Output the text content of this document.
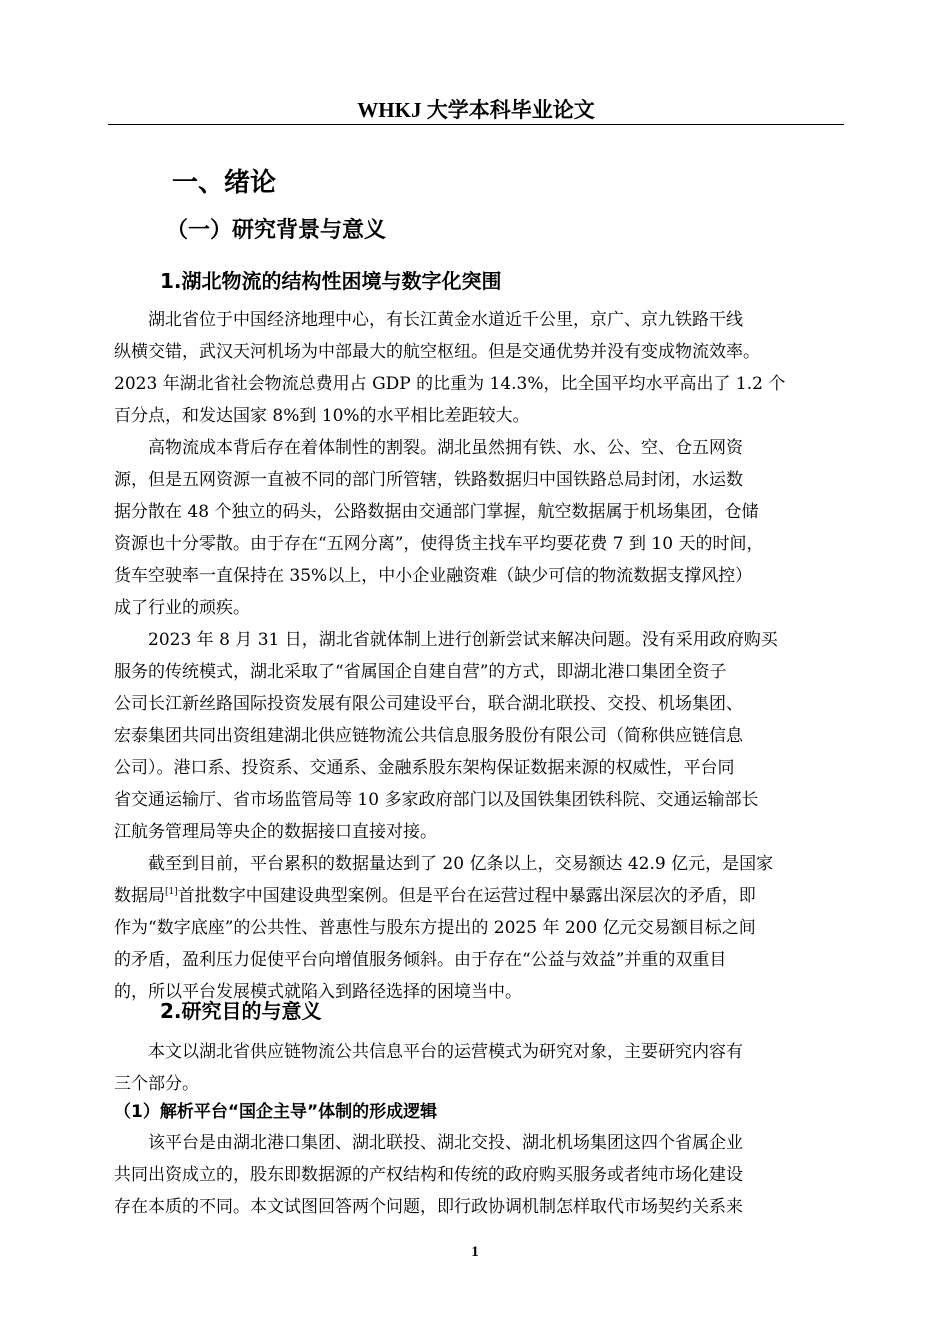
WHKJ 大学本科毕业论文
一、绪论
（一）研究背景与意义
1.湖北物流的结构性困境与数字化突围
　　湖北省位于中国经济地理中心，有长江黄金水道近千公里，京广、京九铁路干线
纵横交错，武汉天河机场为中部最大的航空枢纽。但是交通优势并没有变成物流效率。
2023 年湖北省社会物流总费用占 GDP 的比重为 14.3%，比全国平均水平高出了 1.2 个
百分点，和发达国家 8%到 10%的水平相比差距较大。
　　高物流成本背后存在着体制性的割裂。湖北虽然拥有铁、水、公、空、仓五网资
源，但是五网资源一直被不同的部门所管辖，铁路数据归中国铁路总局封闭，水运数
据分散在 48 个独立的码头，公路数据由交通部门掌握，航空数据属于机场集团，仓储
资源也十分零散。由于存在“五网分离”，使得货主找车平均要花费 7 到 10 天的时间，
货车空驶率一直保持在 35%以上，中小企业融资难（缺少可信的物流数据支撑风控）
成了行业的顽疾。
　　2023 年 8 月 31 日，湖北省就体制上进行创新尝试来解决问题。没有采用政府购买
服务的传统模式，湖北采取了“省属国企自建自营”的方式，即湖北港口集团全资子
公司长江新丝路国际投资发展有限公司建设平台，联合湖北联投、交投、机场集团、
宏泰集团共同出资组建湖北供应链物流公共信息服务股份有限公司（简称供应链信息
公司）。港口系、投资系、交通系、金融系股东架构保证数据来源的权威性，平台同
省交通运输厅、省市场监管局等 10 多家政府部门以及国铁集团铁科院、交通运输部长
江航务管理局等央企的数据接口直接对接。
　　截至到目前，平台累积的数据量达到了 20 亿条以上，交易额达 42.9 亿元，是国家
数据局[1]首批数字中国建设典型案例。但是平台在运营过程中暴露出深层次的矛盾，即
作为“数字底座”的公共性、普惠性与股东方提出的 2025 年 200 亿元交易额目标之间
的矛盾，盈利压力促使平台向增值服务倾斜。由于存在“公益与效益”并重的双重目
的，所以平台发展模式就陷入到路径选择的困境当中。
2.研究目的与意义
　　本文以湖北省供应链物流公共信息平台的运营模式为研究对象，主要研究内容有
三个部分。
（1）解析平台“国企主导”体制的形成逻辑
　　该平台是由湖北港口集团、湖北联投、湖北交投、湖北机场集团这四个省属企业
共同出资成立的，股东即数据源的产权结构和传统的政府购买服务或者纯市场化建设
存在本质的不同。本文试图回答两个问题，即行政协调机制怎样取代市场契约关系来
1
